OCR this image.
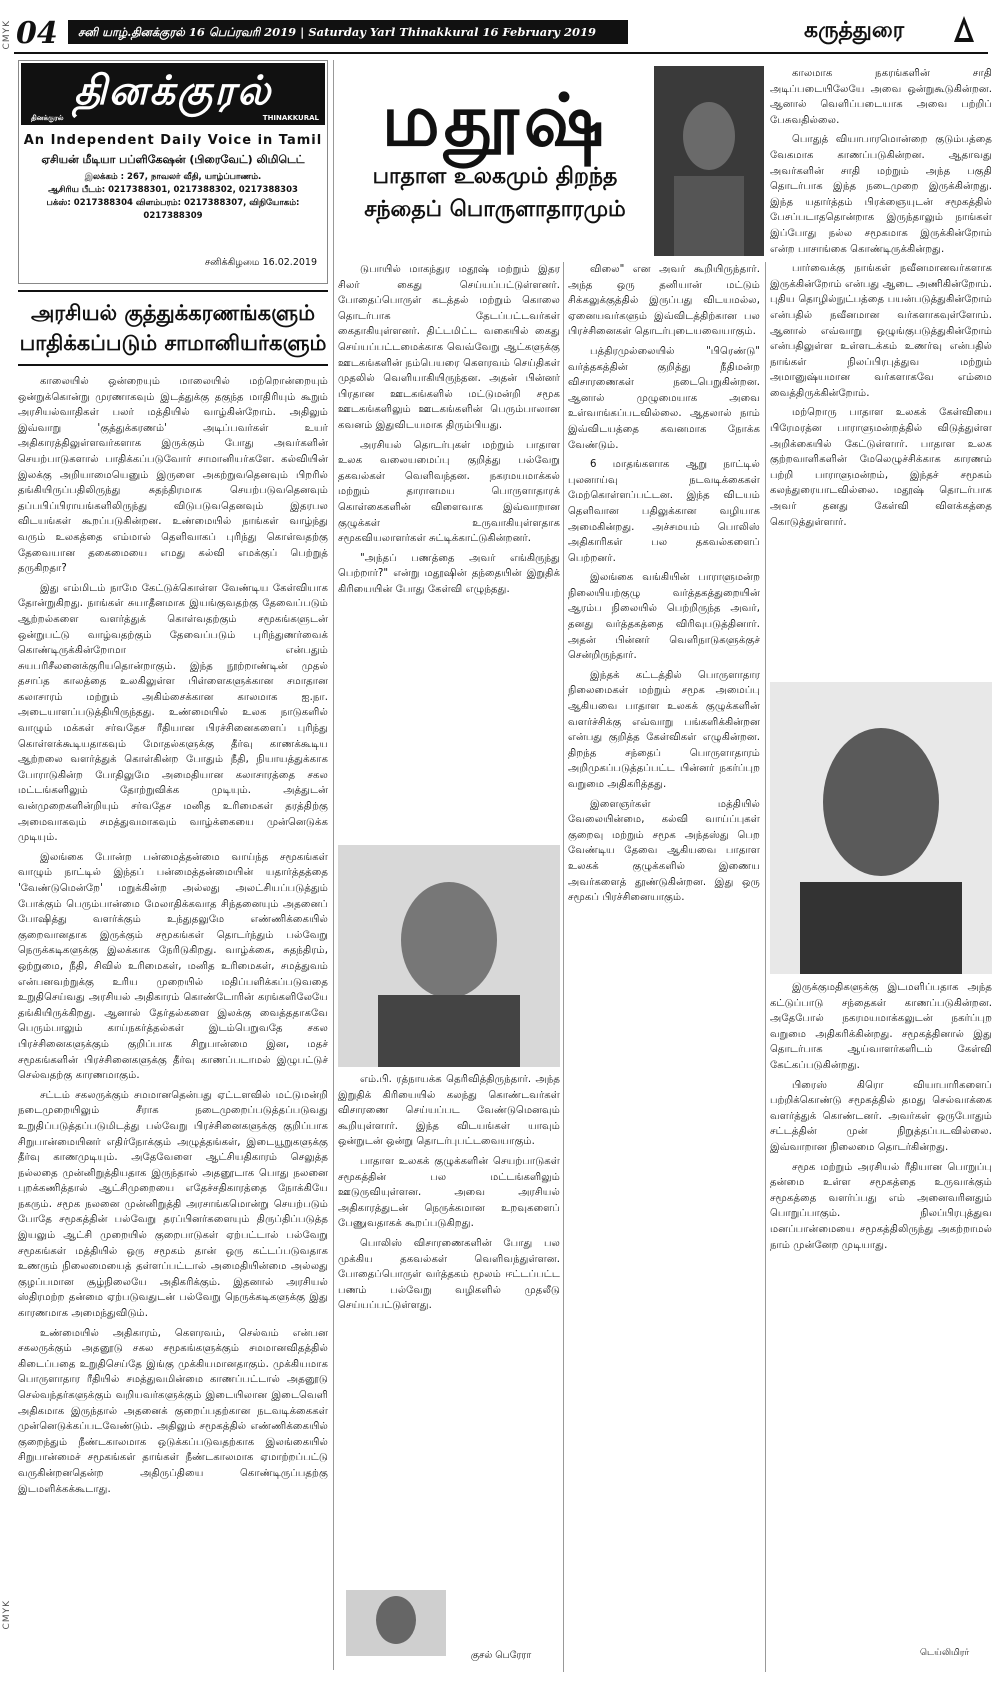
CMYK
CMYK
04	சனி யாழ்.தினக்குரல் 16 பெப்ரவரி 2019 | Saturday Yarl Thinakkural 16 February 2019	கருத்துரை
தினக்குரல்
தினக்குரல்	THINAKKURAL
An Independent Daily Voice in Tamil
ஏசியன் மீடியா பப்ளிகேஷன் (பிரைவேட்) லிமிடெட்
இலக்கம் : 267, நாவலர் வீதி, யாழ்ப்பாணம்.
ஆசிரிய பீடம்: 0217388301, 0217388302, 0217388303
பக்ஸ்: 0217388304 விளம்பரம்: 0217388307, விநியோகம்: 0217388309
சனிக்கிழமை 16.02.2019
அரசியல் குத்துக்கரணங்களும் பாதிக்கப்படும் சாமானியர்களும்

காலையில் ஒன்றையும் மாலையில் மற்றொன்றையும் ஒன்றுக்கொன்று முரணாகவும் இடத்துக்கு தகுந்த மாதிரியும் கூறும் அரசியல்வாதிகள் பலர் மத்தியில் வாழ்கின்றோம். அதிலும் இவ்வாறு 'குத்துக்கரணம்' அடிப்பவர்கள் உயர் அதிகாரத்திலுள்ளவர்களாக இருக்கும் போது அவர்களின் செயற்பாடுகளால் பாதிக்கப்படுவோர் சாமானியர்களே. கல்வியின் இலக்கு அறியாமையெனும் இருளை அகற்றுவதெனவும் பிறரில் தங்கியிருப்பதிலிருந்து சுதந்திரமாக செயற்படுவதெனவும் தப்பபிப்பிராயங்களிலிருந்து விடுபடுவதெனவும் இதரபல விடயங்கள் கூறப்படுகின்றன. உண்மையில் நாங்கள் வாழ்ந்து வரும் உலகத்தை எம்மால் தெளிவாகப் புரிந்து கொள்வதற்கு தேவையான தகைமையை எமது கல்வி எமக்குப் பெற்றுத் தருகிறதா?

இது எம்மிடம் நாமே கேட்டுக்கொள்ள வேண்டிய கேள்வியாக தோன்றுகிறது. நாங்கள் சுயாதீனமாக இயங்குவதற்கு தேவைப்படும் ஆற்றல்களை வளர்த்துக் கொள்வதற்கும் சமூகங்களுடன் ஒன்றுபட்டு வாழ்வதற்கும் தேவைப்படும் புரிந்துணர்வைக் கொண்டிருக்கின்றோமா என்பதும் சுயபரிசீலனைக்குரியதொன்றாகும். இந்த நூற்றாண்டின் முதல் தசாப்த காலத்தை உலகிலுள்ள பிள்ளைகளுக்கான சமாதான கலாசாரம் மற்றும் அகிம்சைக்கான காலமாக ஐ.நா. அடையாளப்படுத்தியிருந்தது. உண்மையில் உலக நாடுகளில் வாழும் மக்கள் சர்வதேச ரீதியான பிரச்சினைகளைப் புரிந்து கொள்ளக்கூடியதாகவும் மோதல்களுக்கு தீர்வு காணக்கூடிய ஆற்றலை வளர்த்துக் கொள்கின்ற போதும் நீதி, நியாயத்துக்காக போராடுகின்ற போதிலுமே அமைதியான கலாசாரத்தை சகல மட்டங்களிலும் தோற்றுவிக்க முடியும். அத்துடன் வன்முறைகளின்றியும் சர்வதேச மனித உரிமைகள் தரத்திற்கு அமைவாகவும் சமத்துவமாகவும் வாழ்க்கையை முன்னெடுக்க முடியும்.

இலங்கை போன்ற பன்மைத்தன்மை வாய்ந்த சமூகங்கள் வாழும் நாட்டில் இந்தப் பன்மைத்தன்மையின் யதார்த்தத்தை 'வேண்டுமென்றே' மறுக்கின்ற அல்லது அலட்சியப்படுத்தும் போக்கும் பெரும்பான்மை மேலாதிக்கவாத சிந்தனையும் அதனைப் போஷித்து வளர்க்கும் உந்துதலுமே எண்ணிக்கையில் குறைவானதாக இருக்கும் சமூகங்கள் தொடர்ந்தும் பல்வேறு நெருக்கடிகளுக்கு இலக்காக நேரிடுகிறது. வாழ்க்கை, சுதந்திரம், ஒற்றுமை, நீதி, சிவில் உரிமைகள், மனித உரிமைகள், சமத்துவம் என்பனவற்றுக்கு உரிய முறையில் மதிப்பளிக்கப்படுவதை உறுதிசெய்வது அரசியல் அதிகாரம் கொண்டோரின் கரங்களிலேயே தங்கியிருக்கிறது. ஆனால் தேர்தல்களை இலக்கு வைத்ததாகவே பெரும்பாலும் காய்நகர்த்தல்கள் இடம்பெறுவதே சகல பிரச்சினைகளுக்கும் குறிப்பாக சிறுபான்மை இன, மதச் சமூகங்களின் பிரச்சினைகளுக்கு தீர்வு காணப்படாமல் இழுபட்டுச் செல்வதற்கு காரணமாகும்.

சட்டம் சகலருக்கும் சமமானதென்பது ஏட்டளவில் மட்டுமன்றி நடைமுறையிலும் சீராக நடைமுறைப்படுத்தப்படுவது உறுதிப்படுத்தப்படுமிடத்து பல்வேறு பிரச்சினைகளுக்கு குறிப்பாக சிறுபான்மையினர் எதிர்நோக்கும் அழுத்தங்கள், இடையூறுகளுக்கு தீர்வு காணமுடியும். அதேவேளை ஆட்சியதிகாரம் செலுத்த நல்லதை முன்னிறுத்தியதாக இருந்தால் அதனூடாக பொது நலனை புறக்கணித்தால் ஆட்சிமுறையை எதேச்சதிகாரத்தை நோக்கியே நகரும். சமூக நலனை முன்னிறுத்தி அரசாங்கமொன்று செயற்படும் போதே சமூகத்தின் பல்வேறு தரப்பினர்களையும் திருப்திப்படுத்த இயலும் ஆட்சி முறையில் குறைபாடுகள் ஏற்பட்டால் பல்வேறு சமூகங்கள் மத்தியில் ஒரு சமூகம் தான் ஒரு கட்டப்படுவதாக உணரும் நிலைமையைத் தள்ளப்பட்டால் அமைதியின்மை அல்லது குழப்பமான சூழ்நிலையே அதிகரிக்கும். இதனால் அரசியல் ஸ்திரமற்ற தன்மை ஏற்படுவதுடன் பல்வேறு நெருக்கடிகளுக்கு இது காரணமாக அமைந்துவிடும்.

உண்மையில் அதிகாரம், கௌரவம், செல்வம் என்பன சகலருக்கும் அதனூடு சகல சமூகங்களுக்கும் சமமானவிதத்தில் கிடைப்பதை உறுதிசெய்தே இங்கு முக்கியமானதாகும். முக்கியமாக பொருளாதார ரீதியில் சமத்துவமின்மை காணப்பட்டால் அதனூடு செல்வந்தர்களுக்கும் வறியவர்களுக்கும் இடையிலான இடைவெளி அதிகமாக இருந்தால் அதனைக் குறைப்பதற்கான நடவடிக்கைகள் முன்னெடுக்கப்படவேண்டும். அதிலும் சமூகத்தில் எண்ணிக்கையில் குறைந்தும் நீண்டகாலமாக ஒடுக்கப்படுவதற்காக இலங்கையில் சிறுபான்மைச் சமூகங்கள் தாங்கள் நீண்டகாலமாக ஏமாற்றப்பட்டு வருகின்றனதென்ற அதிருப்தியை கொண்டிருப்பதற்கு இடமளிக்கக்கூடாது.

மதூஷ்
பாதாள உலகமும் திறந்த சந்தைப் பொருளாதாரமும்

டுபாயில் மாகந்துர மதூஷ் மற்றும் இதர சிலர் கைது செய்யப்பட்டுள்ளனர். போதைப்பொருள் கடத்தல் மற்றும் கொலை தொடர்பாக தேடப்பட்டவர்கள் கைதாகியுள்ளனர். திட்டமிட்ட வகையில் கைது செய்யப்பட்டமைக்காக வெவ்வேறு ஆட்களுக்கு ஊடகங்களின் நம்பெயரை கெளரவம் செய்திகள் முதலில் வெளியாகியிருந்தன. அதன் பின்னர் பிரதான ஊடகங்களில் மட்டுமன்றி சமூக ஊடகங்களிலும் ஊடகங்களின் பெரும்பாலான கவனம் இதுவிடயமாக திரும்பியது.

அரசியல் தொடர்புகள் மற்றும் பாதாள உலக வலையமைப்பு குறித்து பல்வேறு தகவல்கள் வெளிவந்தன. நகரமயமாக்கல் மற்றும் தாராளமய பொருளாதாரக் கொள்கைகளின் விளைவாக இவ்வாறான குழுக்கள் உருவாகியுள்ளதாக சமூகவியலாளர்கள் சுட்டிக்காட்டுகின்றனர்.

"அந்தப் பணத்தை அவர் எங்கிருந்து பெற்றார்?" என்று மதூஷின் தந்தையின் இறுதிக் கிரியையின் போது கேள்வி எழுந்தது.

எம்.பி. ரத்நாயக்க தெரிவித்திருந்தார். அந்த இறுதிக் கிரியையில் கலந்து கொண்டவர்கள் விசாரணை செய்யப்பட வேண்டுமெனவும் கூறியுள்ளார். இந்த விடயங்கள் யாவும் ஒன்றுடன் ஒன்று தொடர்புபட்டவையாகும்.

பாதாள உலகக் குழுக்களின் செயற்பாடுகள் சமூகத்தின் பல மட்டங்களிலும் ஊடுருவியுள்ளன. அவை அரசியல் அதிகாரத்துடன் நெருக்கமான உறவுகளைப் பேணுவதாகக் கூறப்படுகிறது.

பொலிஸ் விசாரணைகளின் போது பல முக்கிய தகவல்கள் வெளிவந்துள்ளன. போதைப்பொருள் வர்த்தகம் மூலம் ஈட்டப்பட்ட பணம் பல்வேறு வழிகளில் முதலீடு செய்யப்பட்டுள்ளது.

குசல் பெரேரா

விலை" என அவர் கூறியிருந்தார். அந்த ஒரு தனியான் மட்டும் சிக்கலுக்குத்தில் இருப்பது விடயமல்ல, ஏனையவர்களும் இவ்விடத்திற்கான பல பிரச்சினைகள் தொடர்புடையவையாகும்.

பத்திரமுல்லையில் "பிரெண்டு" வர்த்தகத்தின் குறித்து நீதிமன்ற விசாரணைகள் நடைபெறுகின்றன. ஆனால் முழுமையாக அவை உள்வாங்கப்படவில்லை. ஆதலால் நாம் இவ்விடயத்தை கவனமாக நோக்க வேண்டும்.

6 மாதங்களாக ஆறு நாட்டில் புலனாய்வு நடவடிக்கைகள் மேற்கொள்ளப்பட்டன. இந்த விடயம் தெளிவான பதிலுக்கான வழியாக அமைகின்றது. அச்சமயம் பொலிஸ் அதிகாரிகள் பல தகவல்களைப் பெற்றனர்.

இலங்கை வங்கியின் பாராளுமன்ற நிலையியற்குழு வர்த்தகத்துறையின் ஆரம்ப நிலையில் பெற்றிருந்த அவர், தனது வர்த்தகத்தை விரிவுபடுத்தினார். அதன் பின்னர் வெளிநாடுகளுக்குச் சென்றிருந்தார்.

இந்தக் கட்டத்தில் பொருளாதார நிலைமைகள் மற்றும் சமூக அமைப்பு ஆகியவை பாதாள உலகக் குழுக்களின் வளர்ச்சிக்கு எவ்வாறு பங்களிக்கின்றன என்பது குறித்த கேள்விகள் எழுகின்றன. திறந்த சந்தைப் பொருளாதாரம் அறிமுகப்படுத்தப்பட்ட பின்னர் நகர்ப்புற வறுமை அதிகரித்தது.

இளைஞர்கள் மத்தியில் வேலையின்மை, கல்வி வாய்ப்புகள் குறைவு மற்றும் சமூக அந்தஸ்து பெற வேண்டிய தேவை ஆகியவை பாதாள உலகக் குழுக்களில் இணைய அவர்களைத் தூண்டுகின்றன. இது ஒரு சமூகப் பிரச்சினையாகும்.

காலமாக நகரங்களின் சாதி அடிப்படையிலேயே அவை ஒன்றுகூடுகின்றன. ஆனால் வெளிப்படையாக அவை பற்றிப் பேசுவதில்லை.

பொதுத் வியாபாரமொன்றை குடும்பத்தை வேகமாக காணப்படுகின்றன. ஆதாவது அவர்களின் சாதி மற்றும் அந்த பகுதி தொடர்பாக இந்த நடைமுறை இருக்கின்றது. இந்த யதார்த்தம் பிரக்ஞையுடன் சமூகத்தில் பேசப்படாததொன்றாக இருந்தாலும் நாங்கள் இப்போது நல்ல சமூகமாக இருக்கின்றோம் என்ற பாசாங்கை கொண்டிருக்கின்றது.

பார்வைக்கு நாங்கள் நவீனமானவர்களாக இருக்கின்றோம் என்பது ஆடை அணிகின்றோம். புதிய தொழில்நுட்பத்தை பயன்படுத்துகின்றோம் என்பதில் நவீனமான வர்களாகவுள்ளோம். ஆனால் எவ்வாறு ஒழுங்குபடுத்துகின்றோம் என்பதிலுள்ள உள்ளடக்கம் உணர்வு என்பதில் நாங்கள் நிலப்பிரபுத்துவ மற்றும் அமானுஷ்யமான வர்களாகவே எம்மை வைத்திருக்கின்றோம்.

மற்றொரு பாதாள உலகக் கேள்வியை பிரேமரத்ன பாராளுமன்றத்தில் விடுத்துள்ள அறிக்கையில் கேட்டுள்ளார். பாதாள உலக குற்றவாளிகளின் மேலெழுச்சிக்காக காரணம் பற்றி பாராளுமன்றம், இந்தச் சமூகம் கலந்துரையாடவில்லை. மதூஷ் தொடர்பாக அவர் தனது கேள்வி விளக்கத்தை கொடுத்துள்ளார்.

இருக்குமதிகளுக்கு இடமளிப்பதாக அந்த கட்டுப்பாடு சந்தைகள் காணப்படுகின்றன. அதேபோல் நகரமயமாக்கலுடன் நகர்ப்புற வறுமை அதிகரிக்கின்றது. சமூகத்தினால் இது தொடர்பாக ஆய்வாளர்களிடம் கேள்வி கேட்கப்படுகின்றது.

பிரைஸ் கிரொ வியாபாரிகளைப் பற்றிக்கொண்டு சமூகத்தில் தமது செல்வாக்கை வளர்த்துக் கொண்டனர். அவர்கள் ஒருபோதும் சட்டத்தின் முன் நிறுத்தப்படவில்லை. இவ்வாறான நிலைமை தொடர்கின்றது.

சமூக மற்றும் அரசியல் ரீதியான பொறுப்பு தன்மை உள்ள சமூகத்தை உருவாக்கும் சமூகத்தை வளர்ப்பது எம் அனைவரினதும் பொறுப்பாகும். நிலப்பிரபுத்துவ மனப்பான்மையை சமூகத்திலிருந்து அகற்றாமல் நாம் முன்னேற முடியாது.

டெய்லிமிரர்
